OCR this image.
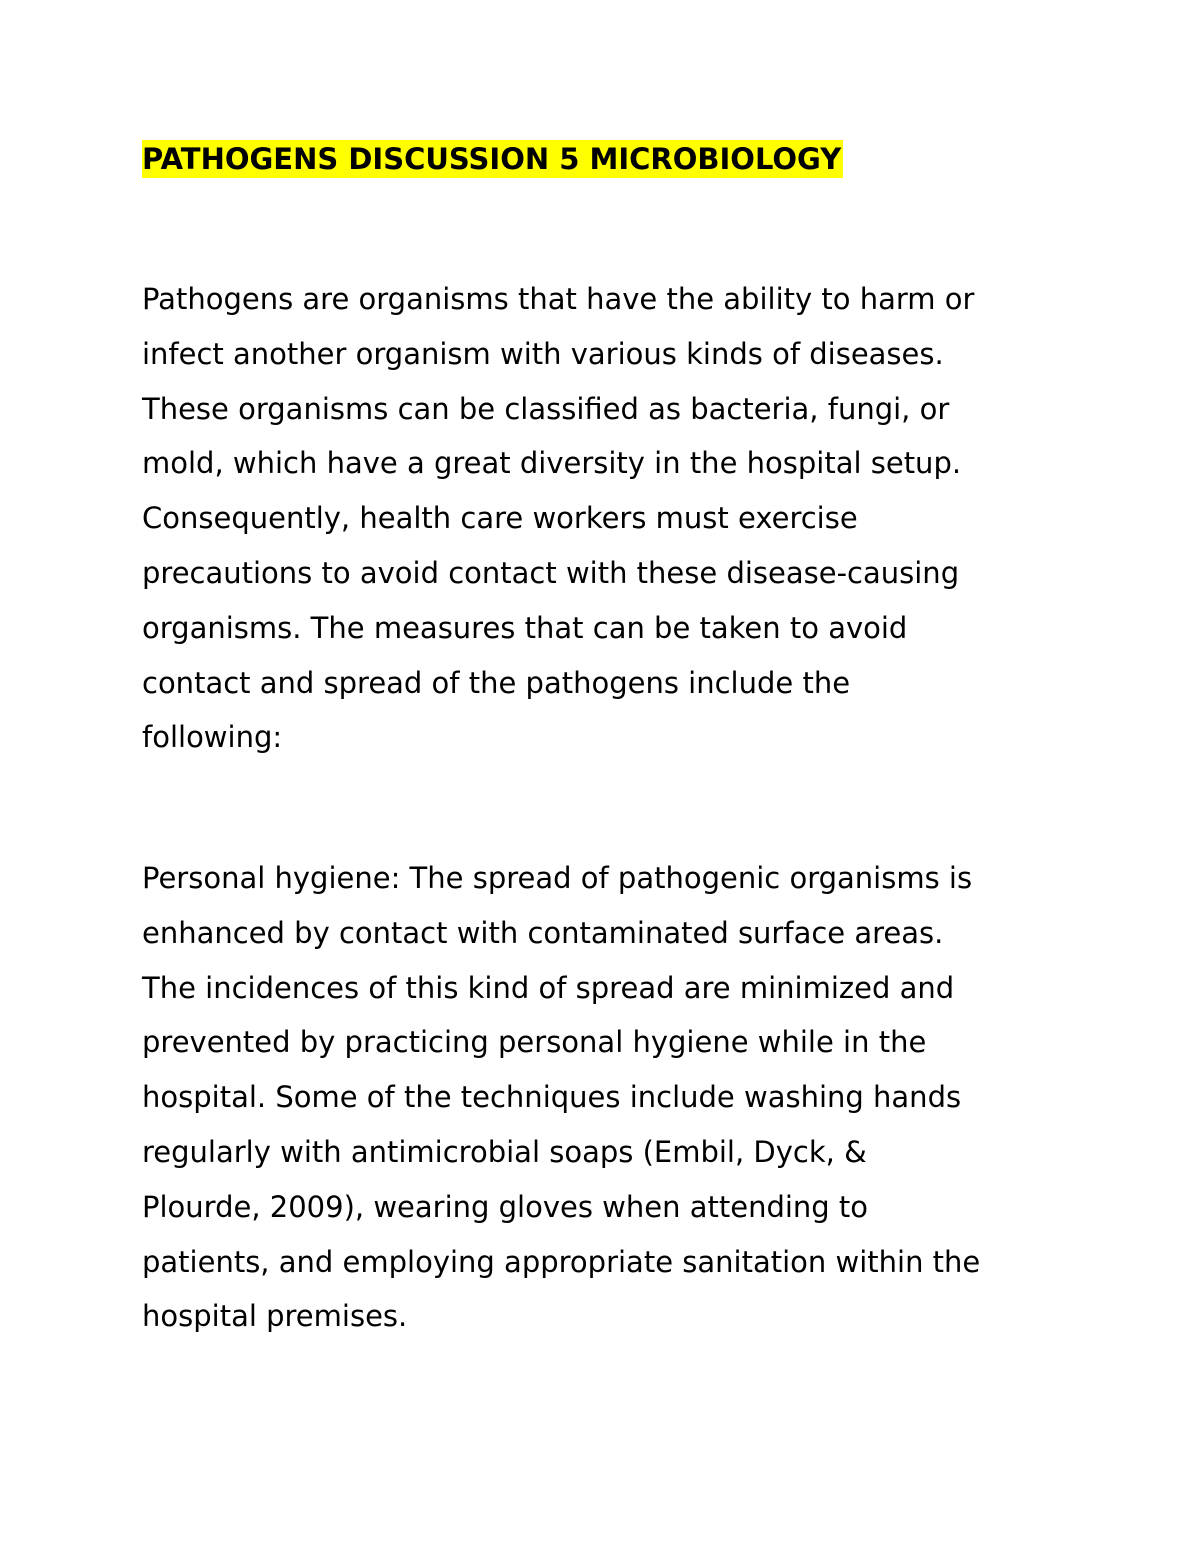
PATHOGENS DISCUSSION 5 MICROBIOLOGY
Pathogens are organisms that have the ability to harm or
infect another organism with various kinds of diseases.
These organisms can be classified as bacteria, fungi, or
mold, which have a great diversity in the hospital setup.
Consequently, health care workers must exercise
precautions to avoid contact with these disease-causing
organisms. The measures that can be taken to avoid
contact and spread of the pathogens include the
following:
Personal hygiene: The spread of pathogenic organisms is
enhanced by contact with contaminated surface areas.
The incidences of this kind of spread are minimized and
prevented by practicing personal hygiene while in the
hospital. Some of the techniques include washing hands
regularly with antimicrobial soaps (Embil, Dyck, &
Plourde, 2009), wearing gloves when attending to
patients, and employing appropriate sanitation within the
hospital premises.
